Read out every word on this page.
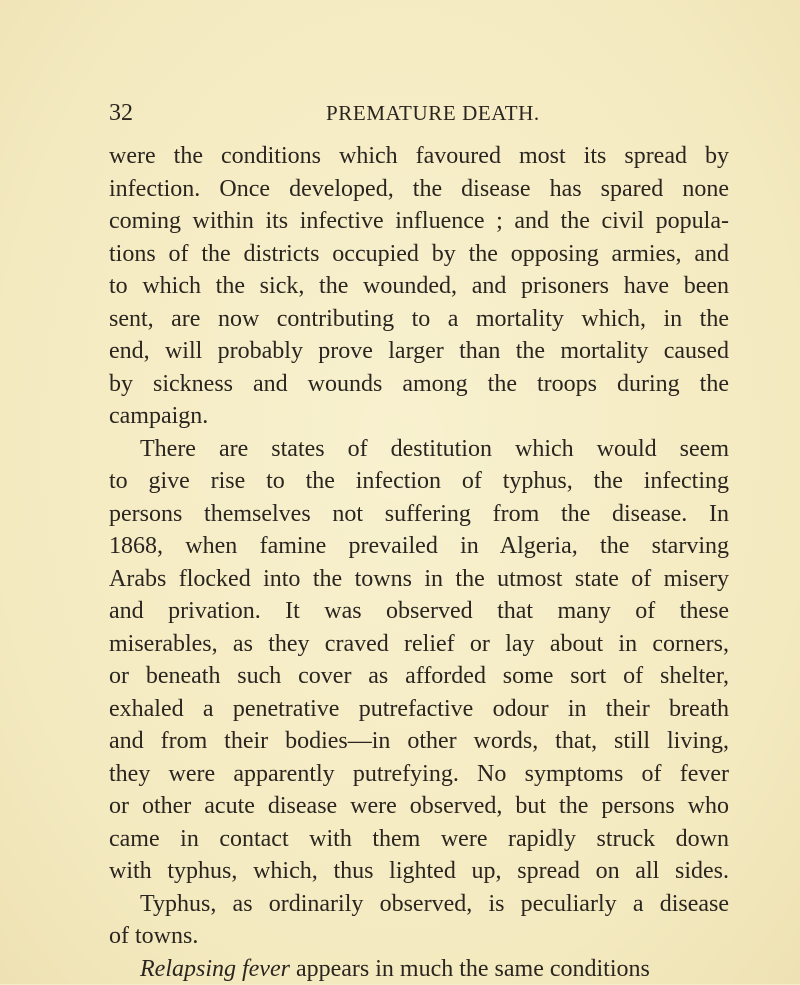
32	PREMATURE DEATH.
were the conditions which favoured most its spread by
infection. Once developed, the disease has spared none
coming within its infective influence ; and the civil popula-
tions of the districts occupied by the opposing armies, and
to which the sick, the wounded, and prisoners have been
sent, are now contributing to a mortality which, in the
end, will probably prove larger than the mortality caused
by sickness and wounds among the troops during the
campaign.
There are states of destitution which would seem
to give rise to the infection of typhus, the infecting
persons themselves not suffering from the disease. In
1868, when famine prevailed in Algeria, the starving
Arabs flocked into the towns in the utmost state of misery
and privation. It was observed that many of these
miserables, as they craved relief or lay about in corners,
or beneath such cover as afforded some sort of shelter,
exhaled a penetrative putrefactive odour in their breath
and from their bodies—in other words, that, still living,
they were apparently putrefying. No symptoms of fever
or other acute disease were observed, but the persons who
came in contact with them were rapidly struck down
with typhus, which, thus lighted up, spread on all sides.
Typhus, as ordinarily observed, is peculiarly a disease
of towns.
Relapsing fever appears in much the same conditions
